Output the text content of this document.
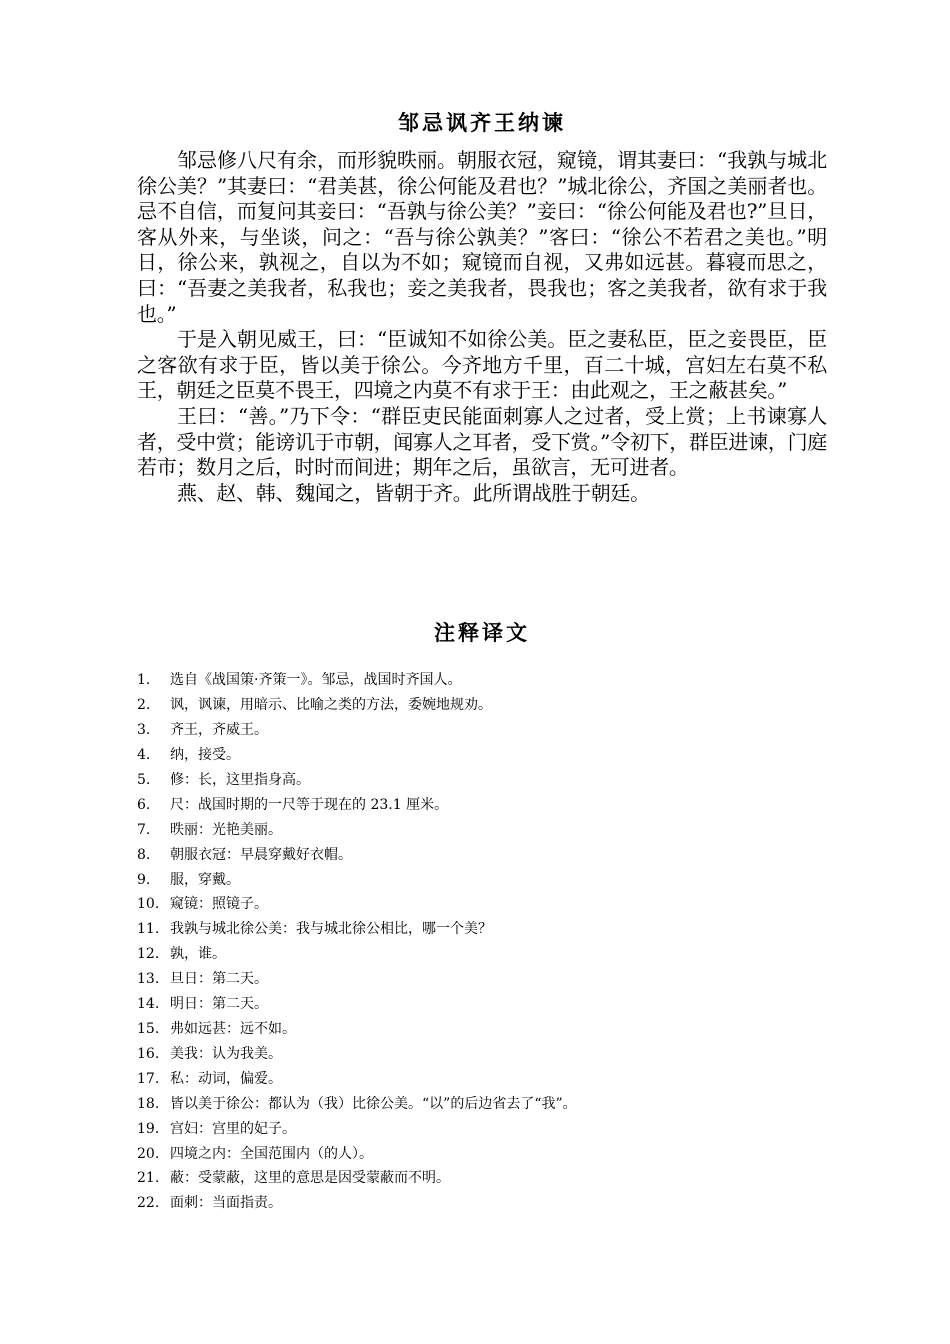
邹忌讽齐王纳谏

邹忌修八尺有余，而形貌昳丽。朝服衣冠，窥镜，谓其妻曰：“我孰与城北徐公美？”其妻曰：“君美甚，徐公何能及君也？”城北徐公，齐国之美丽者也。忌不自信，而复问其妾曰：“吾孰与徐公美？”妾曰：“徐公何能及君也?”旦日，客从外来，与坐谈，问之：“吾与徐公孰美？”客曰：“徐公不若君之美也。”明日，徐公来，孰视之，自以为不如；窥镜而自视，又弗如远甚。暮寝而思之，曰：“吾妻之美我者，私我也；妾之美我者，畏我也；客之美我者，欲有求于我也。”

于是入朝见威王，曰：“臣诚知不如徐公美。臣之妻私臣，臣之妾畏臣，臣之客欲有求于臣，皆以美于徐公。今齐地方千里，百二十城，宫妇左右莫不私王，朝廷之臣莫不畏王，四境之内莫不有求于王：由此观之，王之蔽甚矣。”

王曰：“善。”乃下令：“群臣吏民能面刺寡人之过者，受上赏；上书谏寡人者，受中赏；能谤讥于市朝，闻寡人之耳者，受下赏。”令初下，群臣进谏，门庭若市；数月之后，时时而间进；期年之后，虽欲言，无可进者。

燕、赵、韩、魏闻之，皆朝于齐。此所谓战胜于朝廷。

注释译文
1.	选自《战国策·齐策一》。邹忌，战国时齐国人。
2.	讽，讽谏，用暗示、比喻之类的方法，委婉地规劝。
3.	齐王，齐威王。
4.	纳，接受。
5.	修：长，这里指身高。
6.	尺：战国时期的一尺等于现在的 23.1 厘米。
7.	昳丽：光艳美丽。
8.	朝服衣冠：早晨穿戴好衣帽。
9.	服，穿戴。
10. 窥镜：照镜子。
11. 我孰与城北徐公美：我与城北徐公相比，哪一个美？
12. 孰，谁。
13. 旦日：第二天。
14. 明日：第二天。
15. 弗如远甚：远不如。
16. 美我：认为我美。
17. 私：动词，偏爱。
18. 皆以美于徐公：都认为（我）比徐公美。“以”的后边省去了“我”。
19. 宫妇：宫里的妃子。
20. 四境之内：全国范围内（的人）。
21. 蔽：受蒙蔽，这里的意思是因受蒙蔽而不明。
22. 面刺：当面指责。
